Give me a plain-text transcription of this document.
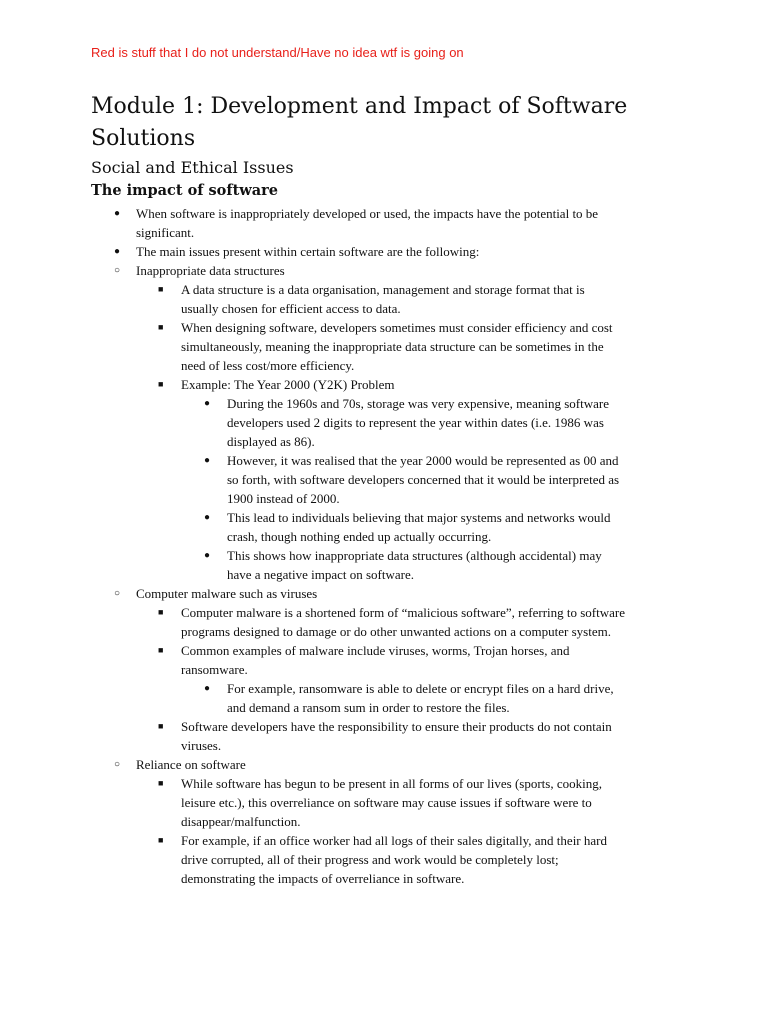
Red is stuff that I do not understand/Have no idea wtf is going on
Module 1: Development and Impact of Software
Solutions
Social and Ethical Issues
The impact of software
● When software is inappropriately developed or used, the impacts have the potential to be
significant.
● The main issues present within certain software are the following:
○ Inappropriate data structures
■ A data structure is a data organisation, management and storage format that is
usually chosen for efficient access to data.
■ When designing software, developers sometimes must consider efficiency and cost
simultaneously, meaning the inappropriate data structure can be sometimes in the
need of less cost/more efficiency.
■ Example: The Year 2000 (Y2K) Problem
● During the 1960s and 70s, storage was very expensive, meaning software
developers used 2 digits to represent the year within dates (i.e. 1986 was
displayed as 86).
● However, it was realised that the year 2000 would be represented as 00 and
so forth, with software developers concerned that it would be interpreted as
1900 instead of 2000.
● This lead to individuals believing that major systems and networks would
crash, though nothing ended up actually occurring.
● This shows how inappropriate data structures (although accidental) may
have a negative impact on software.
○ Computer malware such as viruses
■ Computer malware is a shortened form of “malicious software”, referring to software
programs designed to damage or do other unwanted actions on a computer system.
■ Common examples of malware include viruses, worms, Trojan horses, and
ransomware.
● For example, ransomware is able to delete or encrypt files on a hard drive,
and demand a ransom sum in order to restore the files.
■ Software developers have the responsibility to ensure their products do not contain
viruses.
○ Reliance on software
■ While software has begun to be present in all forms of our lives (sports, cooking,
leisure etc.), this overreliance on software may cause issues if software were to
disappear/malfunction.
■ For example, if an office worker had all logs of their sales digitally, and their hard
drive corrupted, all of their progress and work would be completely lost;
demonstrating the impacts of overreliance in software.
